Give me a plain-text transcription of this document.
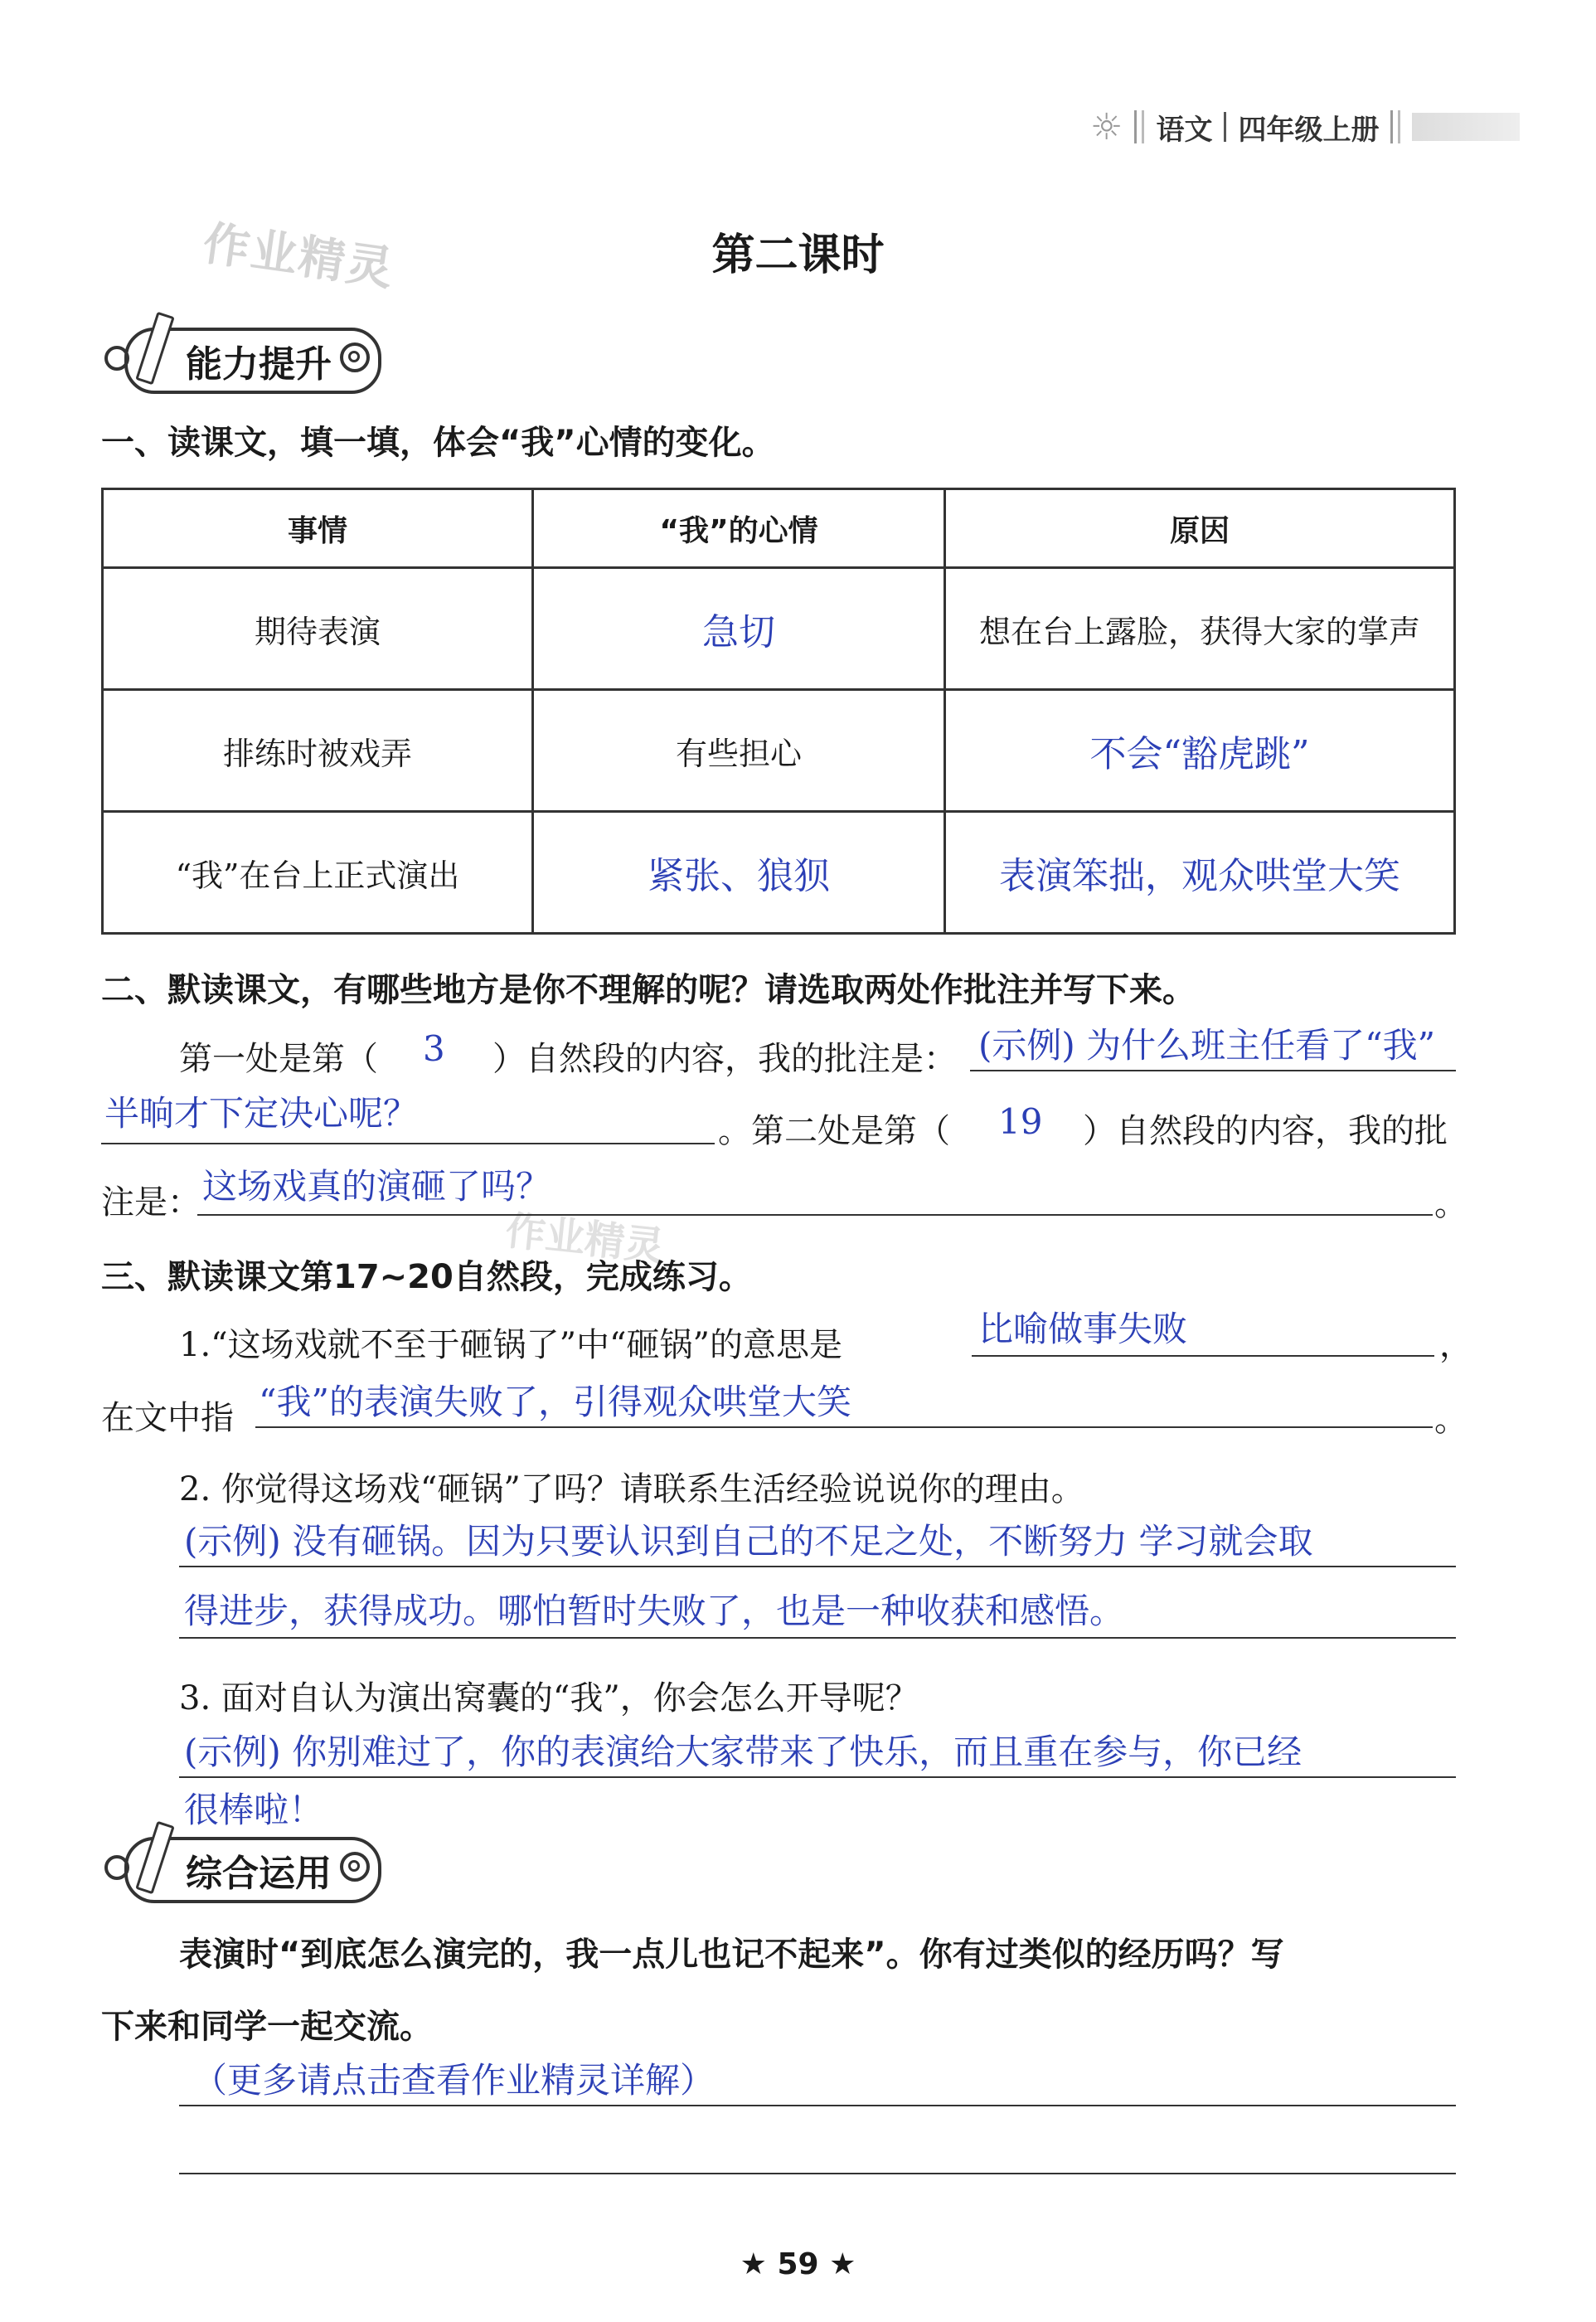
☼ 语文 四年级上册
作业精灵
作业精灵
第二课时
能力提升
一、读课文，填一填，体会“我”心情的变化。
事情	“我”的心情	原因
期待表演	急切	想在台上露脸，获得大家的掌声
排练时被戏弄	有些担心	不会“豁虎跳”
“我”在台上正式演出	紧张、狼狈	表演笨拙，观众哄堂大笑
二、默读课文，有哪些地方是你不理解的呢？请选取两处作批注并写下来。
第一处是第（ 3 ）自然段的内容，我的批注是： (示例) 为什么班主任看了“我”
半晌才下定决心呢？	。第二处是第（ 19 ）自然段的内容，我的批
注是： 这场戏真的演砸了吗？	。
三、默读课文第17~20自然段，完成练习。
1.“这场戏就不至于砸锅了”中“砸锅”的意思是	比喻做事失败	，
在文中指 “我”的表演失败了，引得观众哄堂大笑	。
2. 你觉得这场戏“砸锅”了吗？请联系生活经验说说你的理由。
(示例) 没有砸锅。因为只要认识到自己的不足之处，不断努力 学习就会取
得进步，获得成功。哪怕暂时失败了，也是一种收获和感悟。
3. 面对自认为演出窝囊的“我”，你会怎么开导呢？
(示例) 你别难过了，你的表演给大家带来了快乐，而且重在参与，你已经
很棒啦！
综合运用
表演时“到底怎么演完的，我一点儿也记不起来”。你有过类似的经历吗？写
下来和同学一起交流。
（更多请点击查看作业精灵详解）
★ 59 ★
